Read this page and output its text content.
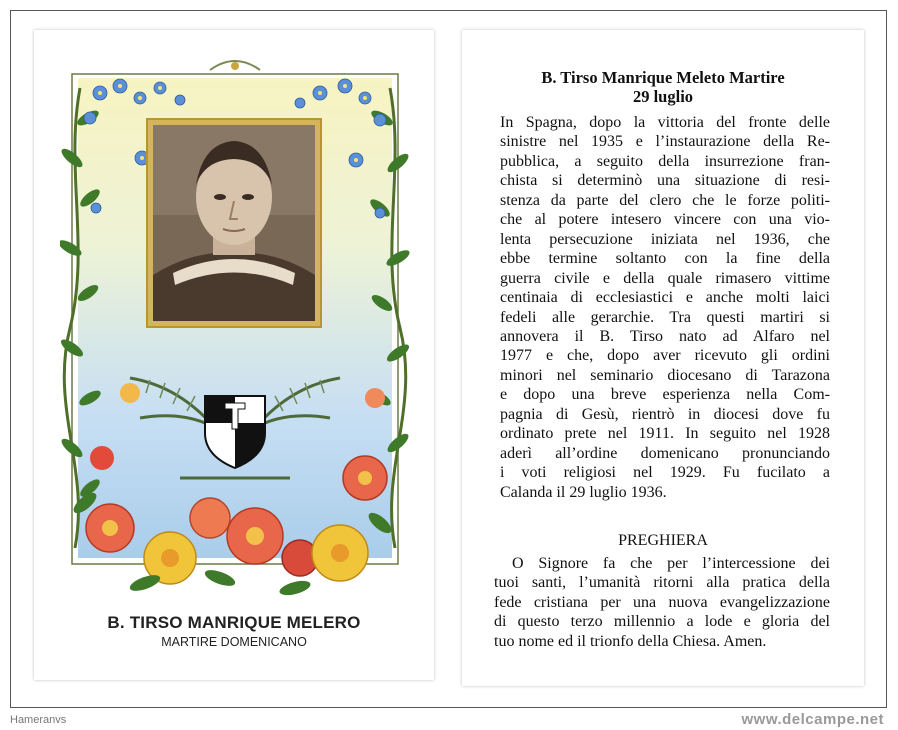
B. TIRSO MANRIQUE MELERO
MARTIRE DOMENICANO
B. Tirso Manrique Meleto Martire
29 luglio
In Spagna, dopo la vittoria del fronte delle
sinistre nel 1935 e l’instaurazione della Re-
pubblica, a seguito della insurrezione fran-
chista si determinò una situazione di resi-
stenza da parte del clero che le forze politi-
che al potere intesero vincere con una vio-
lenta persecuzione iniziata nel 1936, che
ebbe termine soltanto con la fine della
guerra civile e della quale rimasero vittime
centinaia di ecclesiastici e anche molti laici
fedeli alle gerarchie. Tra questi martiri si
annovera il B. Tirso nato ad Alfaro nel
1977 e che, dopo aver ricevuto gli ordini
minori nel seminario diocesano di Tarazona
e dopo una breve esperienza nella Com-
pagnia di Gesù, rientrò in diocesi dove fu
ordinato prete nel 1911. In seguito nel 1928
aderì all’ordine domenicano pronunciando
i voti religiosi nel 1929. Fu fucilato a
Calanda il 29 luglio 1936.
PREGHIERA
O Signore fa che per l’intercessione dei
tuoi santi, l’umanità ritorni alla pratica della
fede cristiana per una nuova evangelizzazione
di questo terzo millennio a lode e gloria del
tuo nome ed il trionfo della Chiesa. Amen.
Hameranvs	www.delcampe.net
